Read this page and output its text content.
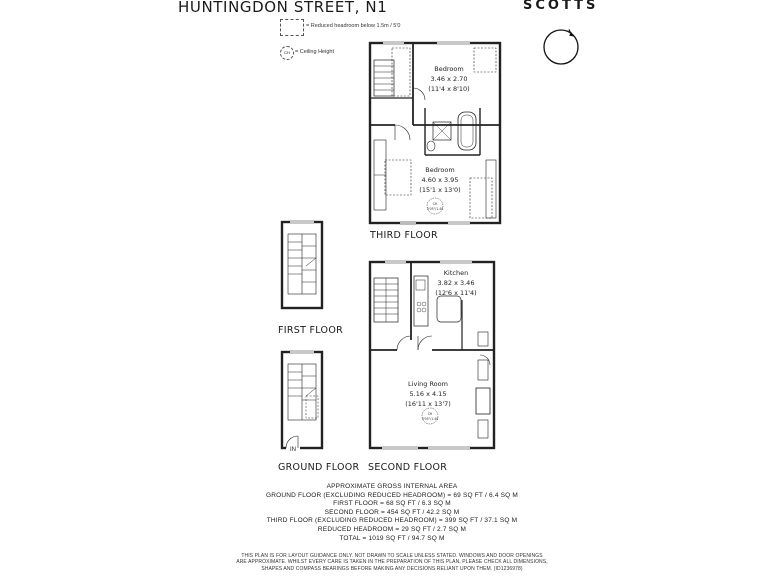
HUNTINGDON STREET, N1	SCOTTS
= Reduced headroom below 1.5m / 5'0
CH = Ceiling Height
Bedroom
3.46 x 2.70
(11'4 x 8'10)
Bedroom
4.60 x 3.95
(15'1 x 13'0)
CH
3'05"/1.40
Kitchen
3.82 x 3.46
(12'6 x 11'4)
Living Room
5.16 x 4.15
(16'11 x 13'7)
CH
3'05"/1.40
IN
THIRD FLOOR
FIRST FLOOR
GROUND FLOOR SECOND FLOOR
APPROXIMATE GROSS INTERNAL AREA
GROUND FLOOR (EXCLUDING REDUCED HEADROOM) = 69 SQ FT / 6.4 SQ M
FIRST FLOOR = 68 SQ FT / 6.3 SQ M
SECOND FLOOR = 454 SQ FT / 42.2 SQ M
THIRD FLOOR (EXCLUDING REDUCED HEADROOM) = 399 SQ FT / 37.1 SQ M
REDUCED HEADROOM = 29 SQ FT / 2.7 SQ M
TOTAL = 1019 SQ FT / 94.7 SQ M
THIS PLAN IS FOR LAYOUT GUIDANCE ONLY. NOT DRAWN TO SCALE UNLESS STATED. WINDOWS AND DOOR OPENINGS
ARE APPROXIMATE. WHILST EVERY CARE IS TAKEN IN THE PREPARATION OF THIS PLAN, PLEASE CHECK ALL DIMENSIONS,
SHAPES AND COMPASS BEARINGS BEFORE MAKING ANY DECISIONS RELIANT UPON THEM. (ID1236978)
